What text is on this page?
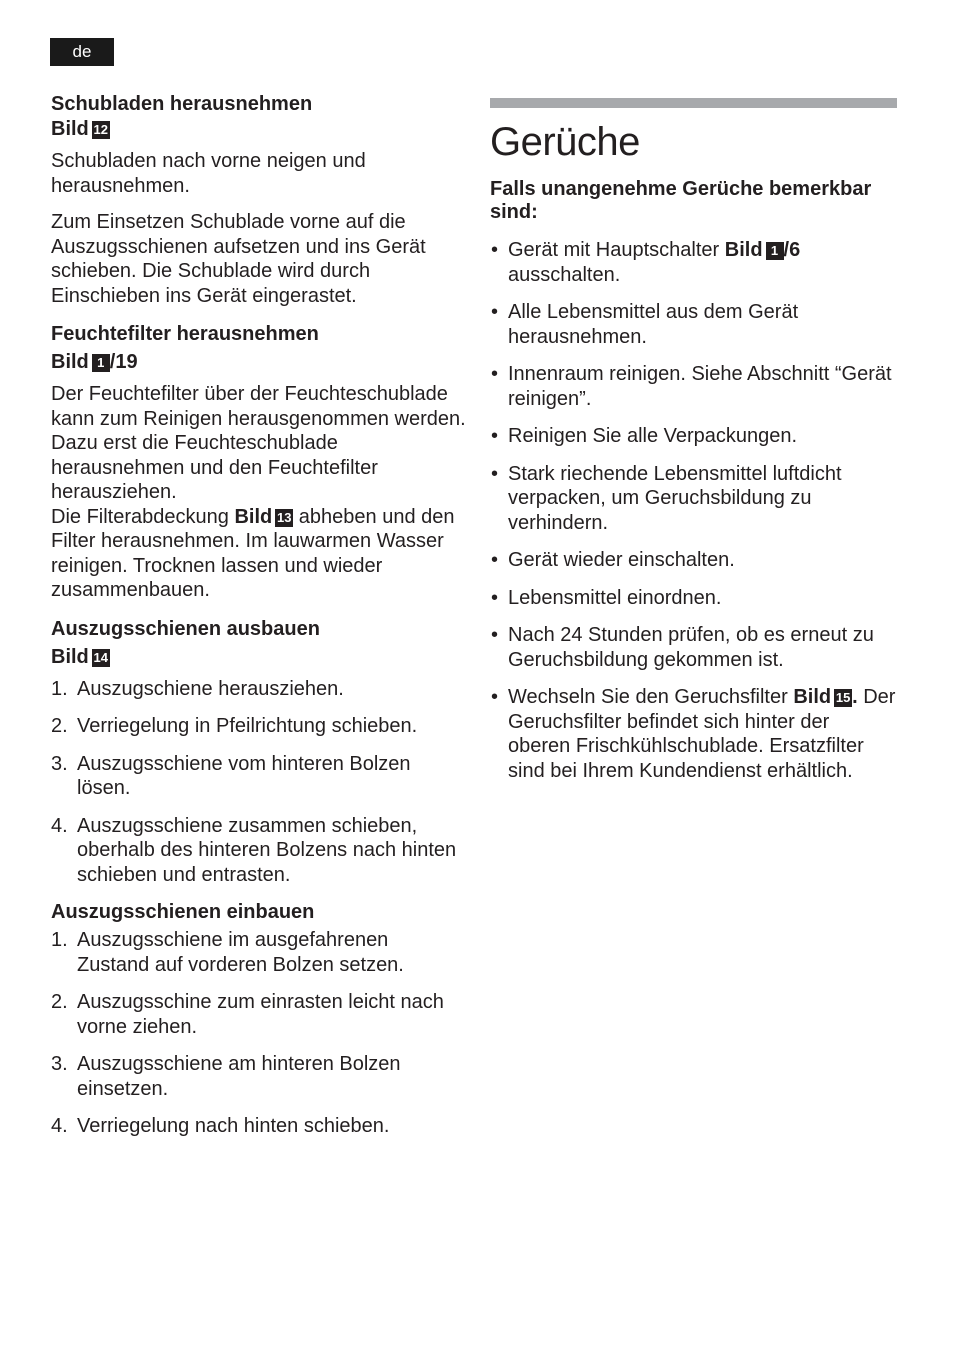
de

Schubladen herausnehmen

Bild 12

Schubladen nach vorne neigen und herausnehmen.

Zum Einsetzen Schublade vorne auf die Auszugsschienen aufsetzen und ins Gerät schieben. Die Schublade wird durch Einschieben ins Gerät eingerastet.

Feuchtefilter herausnehmen

Bild 1 /19

Der Feuchtefilter über der Feuchteschublade kann zum Reinigen herausgenommen werden. Dazu erst die Feuchteschublade herausnehmen und den Feuchtefilter herausziehen.

Die Filterabdeckung Bild 13 abheben und den Filter herausnehmen. Im lauwarmen Wasser reinigen. Trocknen lassen und wieder zusammenbauen.

Auszugsschienen ausbauen

Bild 14

1. Auszugschiene herausziehen.
2. Verriegelung in Pfeilrichtung schieben.
3. Auszugsschiene vom hinteren Bolzen lösen.
4. Auszugsschiene zusammen schieben, oberhalb des hinteren Bolzens nach hinten schieben und entrasten.

Auszugsschienen einbauen

1. Auszugsschiene im ausgefahrenen Zustand auf vorderen Bolzen setzen.
2. Auszugsschine zum einrasten leicht nach vorne ziehen.
3. Auszugsschiene am hinteren Bolzen einsetzen.
4. Verriegelung nach hinten schieben.
Gerüche

Falls unangenehme Gerüche bemerkbar sind:

• Gerät mit Hauptschalter Bild 1 /6 ausschalten.
• Alle Lebensmittel aus dem Gerät herausnehmen.
• Innenraum reinigen. Siehe Abschnitt “Gerät reinigen”.
• Reinigen Sie alle Verpackungen.
• Stark riechende Lebensmittel luftdicht verpacken, um Geruchsbildung zu verhindern.
• Gerät wieder einschalten.
• Lebensmittel einordnen.
• Nach 24 Stunden prüfen, ob es erneut zu Geruchsbildung gekommen ist.
• Wechseln Sie den Geruchsfilter Bild 15. Der Geruchsfilter befindet sich hinter der oberen Frischkühlschublade. Ersatzfilter sind bei Ihrem Kundendienst erhältlich.
